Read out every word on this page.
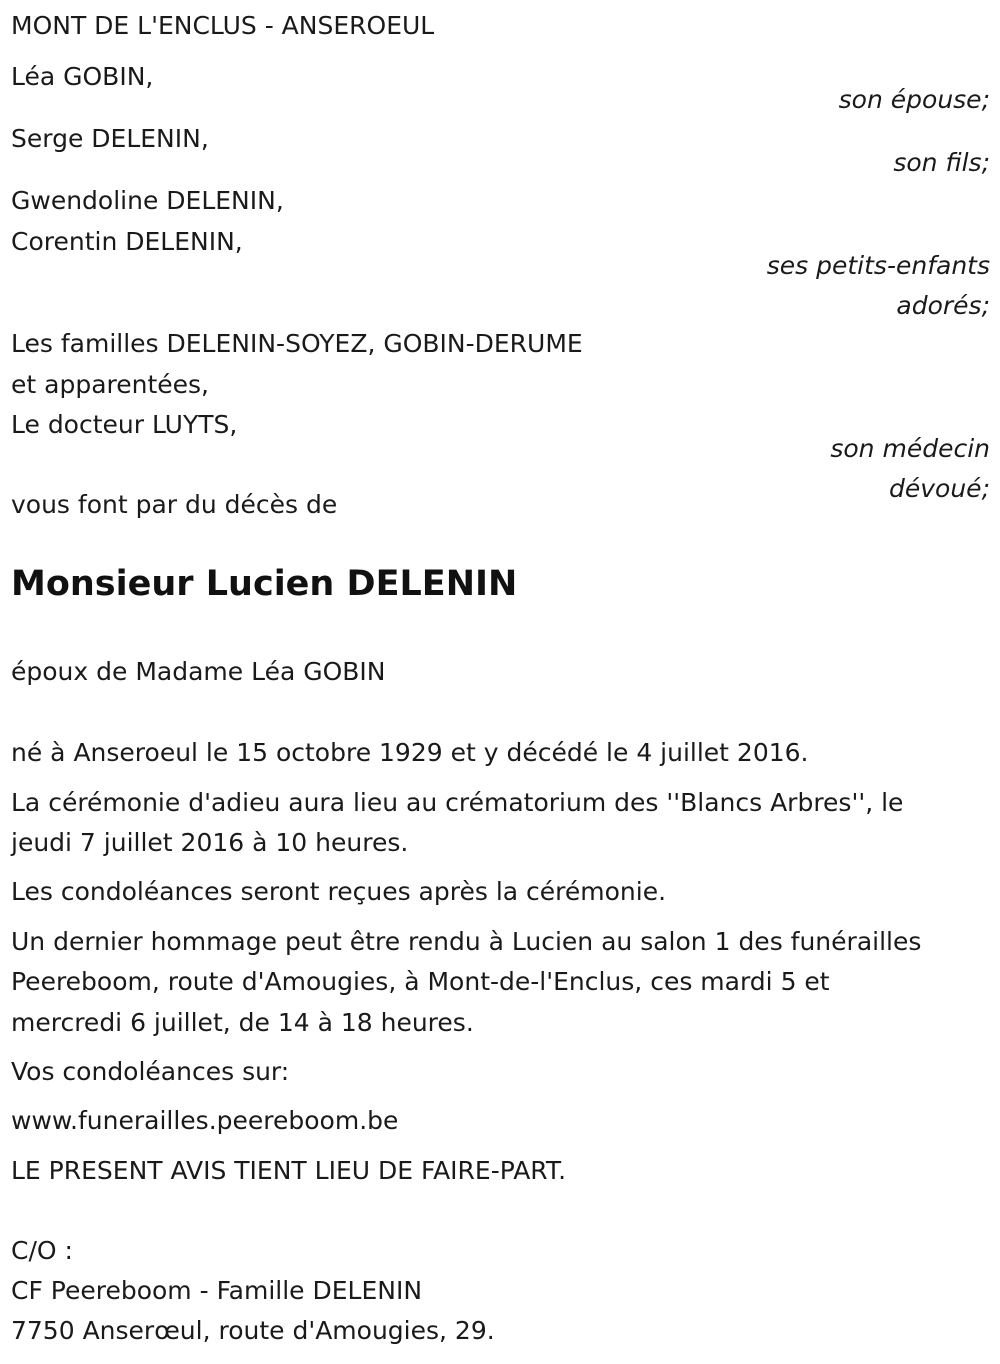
MONT DE L'ENCLUS - ANSEROEUL
Léa GOBIN,
son épouse;
Serge DELENIN,
son fils;
Gwendoline DELENIN,
Corentin DELENIN,
ses petits-enfants
adorés;
Les familles DELENIN-SOYEZ, GOBIN-DERUME
et apparentées,
Le docteur LUYTS,
son médecin
dévoué;
vous font par du décès de
Monsieur Lucien DELENIN
époux de Madame Léa GOBIN
né à Anseroeul le 15 octobre 1929 et y décédé le 4 juillet 2016.
La cérémonie d'adieu aura lieu au crématorium des ''Blancs Arbres'', le
jeudi 7 juillet 2016 à 10 heures.
Les condoléances seront reçues après la cérémonie.
Un dernier hommage peut être rendu à Lucien au salon 1 des funérailles
Peereboom, route d'Amougies, à Mont-de-l'Enclus, ces mardi 5 et
mercredi 6 juillet, de 14 à 18 heures.
Vos condoléances sur:
www.funerailles.peereboom.be
LE PRESENT AVIS TIENT LIEU DE FAIRE-PART.
C/O :
CF Peereboom - Famille DELENIN
7750 Anserœul, route d'Amougies, 29.
